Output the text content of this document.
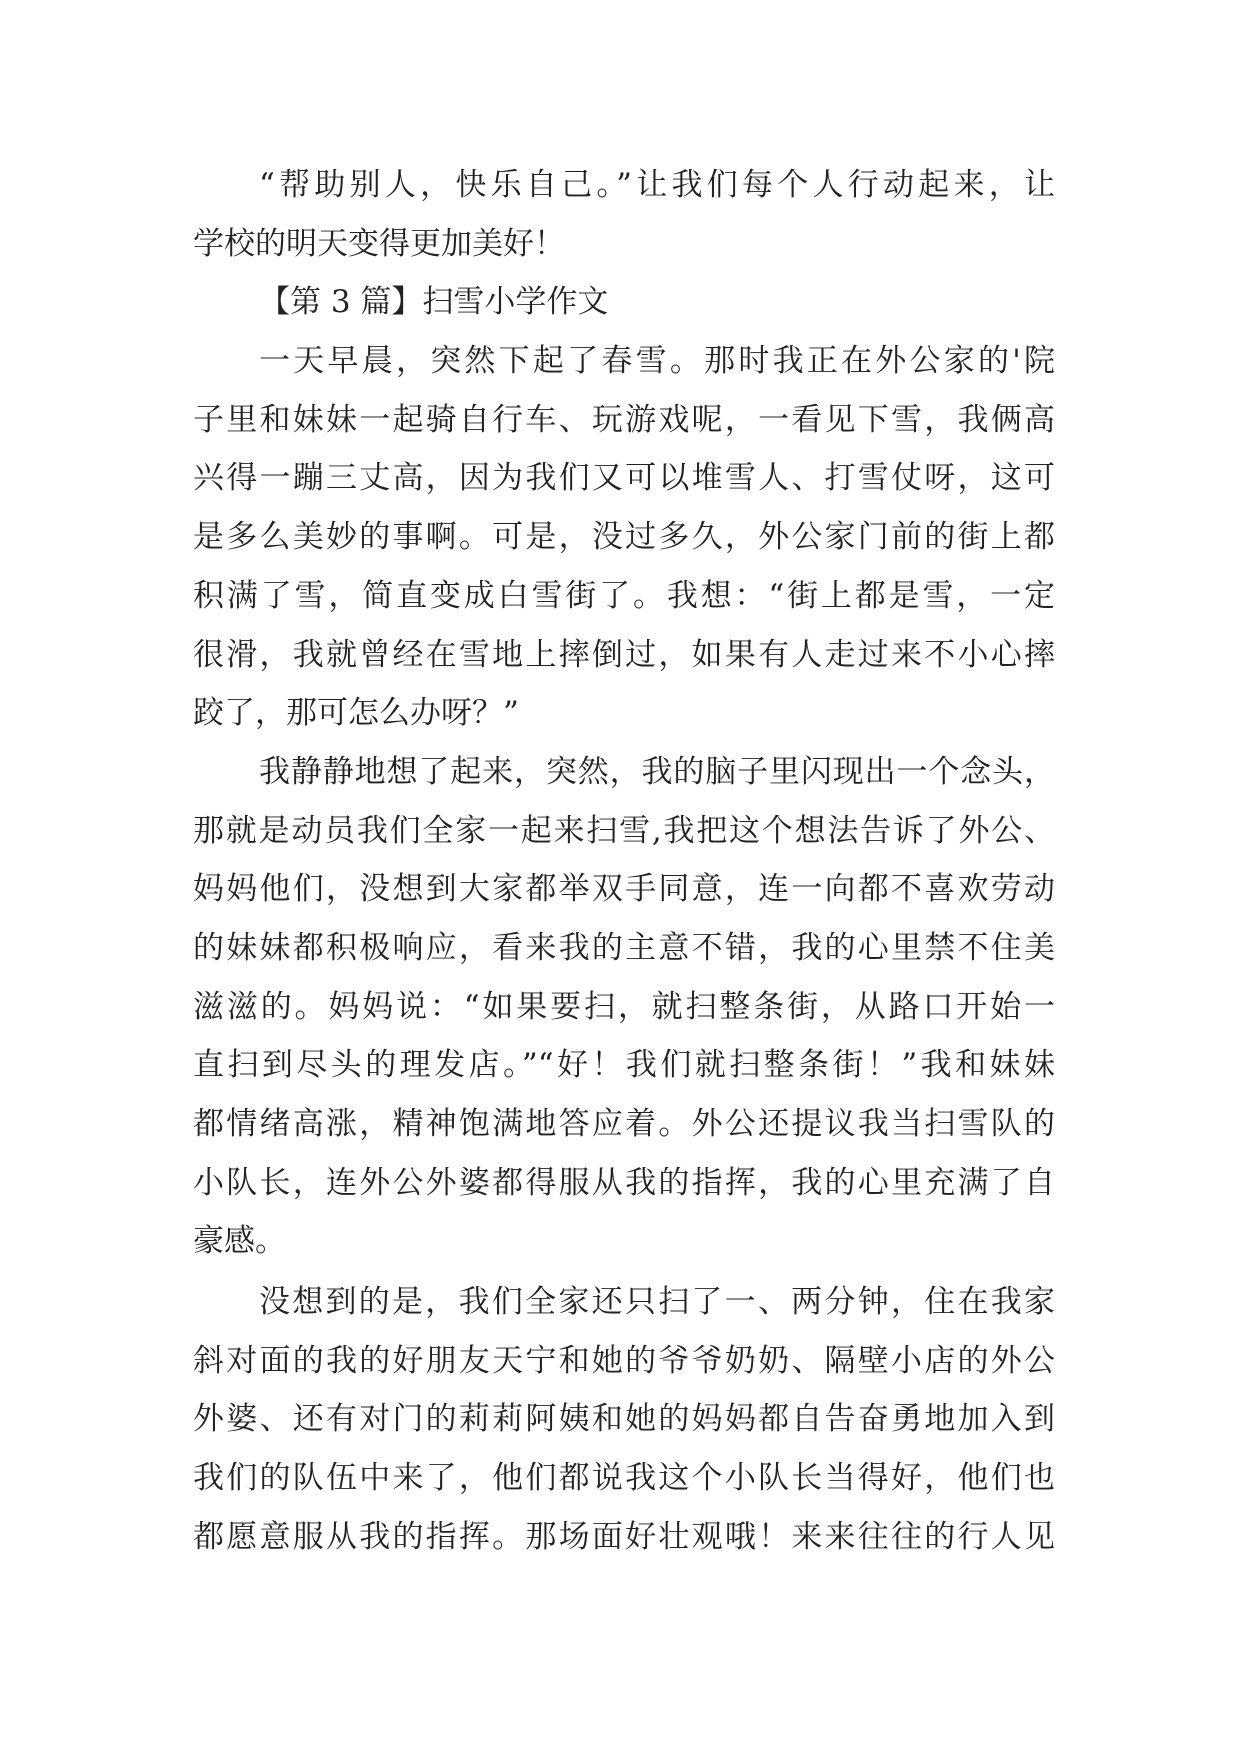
“帮助别人，快乐自己。”让我们每个人行动起来，让
学校的明天变得更加美好！
【第 3 篇】扫雪小学作文
一天早晨，突然下起了春雪。那时我正在外公家的'院
子里和妹妹一起骑自行车、玩游戏呢，一看见下雪，我俩高
兴得一蹦三丈高，因为我们又可以堆雪人、打雪仗呀，这可
是多么美妙的事啊。可是，没过多久，外公家门前的街上都
积满了雪，简直变成白雪街了。我想：“街上都是雪，一定
很滑，我就曾经在雪地上摔倒过，如果有人走过来不小心摔
跤了，那可怎么办呀？”
我静静地想了起来，突然，我的脑子里闪现出一个念头，
那就是动员我们全家一起来扫雪,我把这个想法告诉了外公、
妈妈他们，没想到大家都举双手同意，连一向都不喜欢劳动
的妹妹都积极响应，看来我的主意不错，我的心里禁不住美
滋滋的。妈妈说：“如果要扫，就扫整条街，从路口开始一
直扫到尽头的理发店。”“好！我们就扫整条街！”我和妹妹
都情绪高涨，精神饱满地答应着。外公还提议我当扫雪队的
小队长，连外公外婆都得服从我的指挥，我的心里充满了自
豪感。
没想到的是，我们全家还只扫了一、两分钟，住在我家
斜对面的我的好朋友天宁和她的爷爷奶奶、隔壁小店的外公
外婆、还有对门的莉莉阿姨和她的妈妈都自告奋勇地加入到
我们的队伍中来了，他们都说我这个小队长当得好，他们也
都愿意服从我的指挥。那场面好壮观哦！来来往往的行人见
